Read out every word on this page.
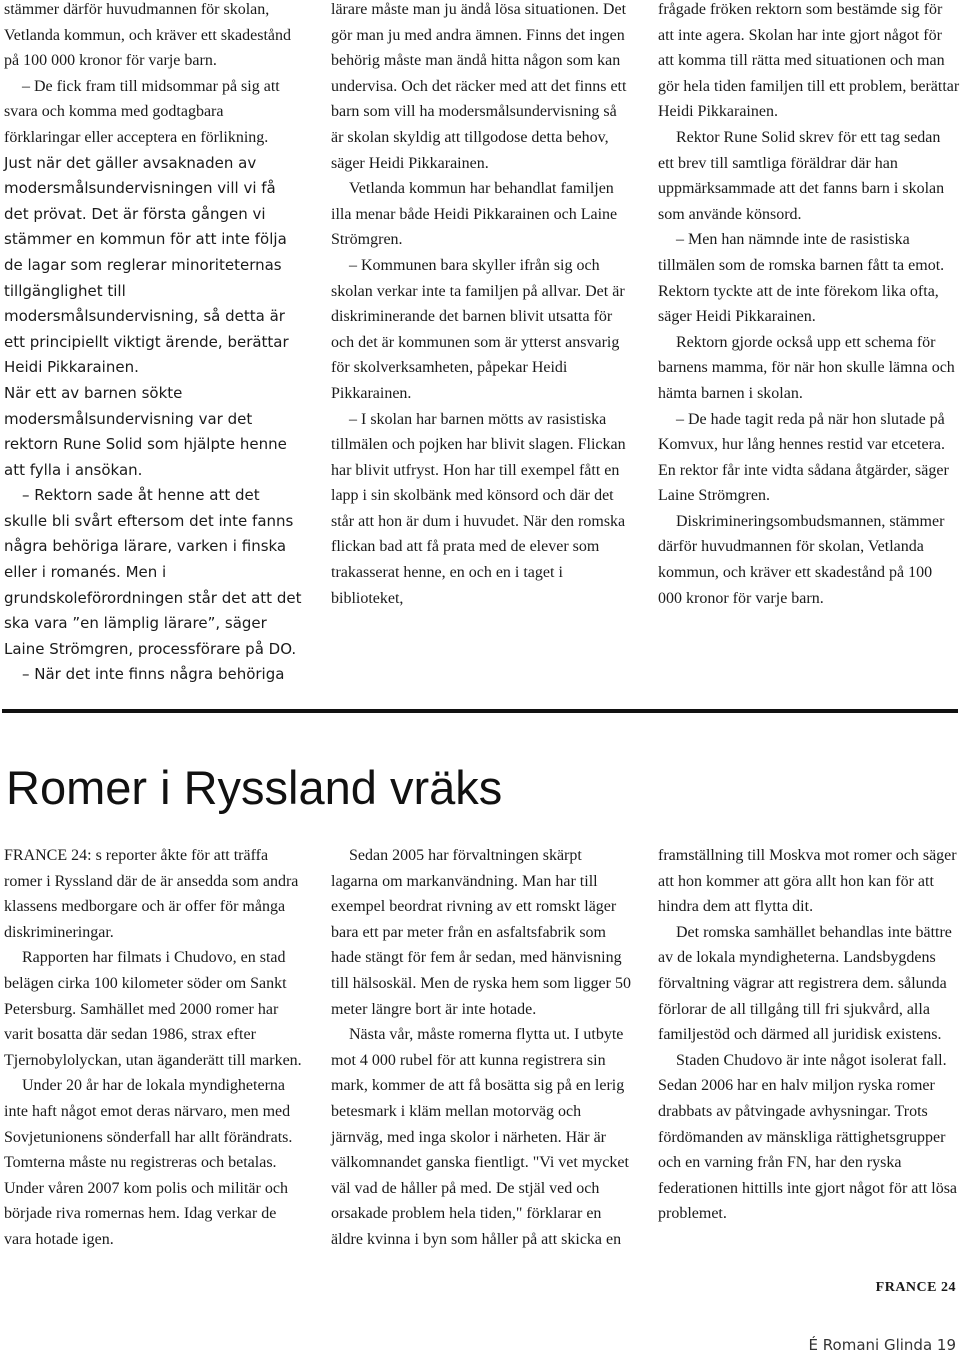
stämmer därför huvudmannen för skolan, Vetlanda kommun, och kräver ett skadestånd på 100 000 kronor för varje barn.

– De fick fram till midsommar på sig att svara och komma med godtagbara förklaringar eller acceptera en förlikning.

Just när det gäller avsaknaden av modersmålsundervisningen vill vi få det prövat. Det är första gången vi stämmer en kommun för att inte följa de lagar som reglerar minoriteternas tillgänglighet till modersmålsundervisning, så detta är ett principiellt viktigt ärende, berättar Heidi Pikkarainen.

När ett av barnen sökte modersmålsundervisning var det rektorn Rune Solid som hjälpte henne att fylla i ansökan.

– Rektorn sade åt henne att det skulle bli svårt eftersom det inte fanns några behöriga lärare, varken i finska eller i romanés. Men i grundskoleförordningen står det att det ska vara ”en lämplig lärare”, säger Laine Strömgren, processförare på DO.

– När det inte finns några behöriga

lärare måste man ju ändå lösa situationen. Det gör man ju med andra ämnen. Finns det ingen behörig måste man ändå hitta någon som kan undervisa. Och det räcker med att det finns ett barn som vill ha modersmålsundervisning så är skolan skyldig att tillgodose detta behov, säger Heidi Pikkarainen.

Vetlanda kommun har behandlat familjen illa menar både Heidi Pikkarainen och Laine Strömgren.

– Kommunen bara skyller ifrån sig och skolan verkar inte ta familjen på allvar. Det är diskriminerande det barnen blivit utsatta för och det är kommunen som är ytterst ansvarig för skolverksamheten, påpekar Heidi Pikkarainen.

– I skolan har barnen mötts av rasistiska tillmälen och pojken har blivit slagen. Flickan har blivit utfryst. Hon har till exempel fått en lapp i sin skolbänk med könsord och där det står att hon är dum i huvudet. När den romska flickan bad att få prata med de elever som trakasserat henne, en och en i taget i biblioteket,

frågade fröken rektorn som bestämde sig för att inte agera. Skolan har inte gjort något för att komma till rätta med situationen och man gör hela tiden familjen till ett problem, berättar Heidi Pikkarainen.

Rektor Rune Solid skrev för ett tag sedan ett brev till samtliga föräldrar där han uppmärksammade att det fanns barn i skolan som använde könsord.

– Men han nämnde inte de rasistiska tillmälen som de romska barnen fått ta emot. Rektorn tyckte att de inte förekom lika ofta, säger Heidi Pikkarainen.

Rektorn gjorde också upp ett schema för barnens mamma, för när hon skulle lämna och hämta barnen i skolan.

– De hade tagit reda på när hon slutade på Komvux, hur lång hennes restid var etcetera. En rektor får inte vidta sådana åtgärder, säger Laine Strömgren.

Diskrimineringsombudsmannen, stämmer därför huvudmannen för skolan, Vetlanda kommun, och kräver ett skadestånd på 100 000 kronor för varje barn.

Romer i Ryssland vräks

FRANCE 24: s reporter åkte för att träffa romer i Ryssland där de är ansedda som andra klassens medborgare och är offer för många diskrimineringar.

Rapporten har filmats i Chudovo, en stad belägen cirka 100 kilometer söder om Sankt Petersburg. Samhället med 2000 romer har varit bosatta där sedan 1986, strax efter Tjernobylolyckan, utan äganderätt till marken.

Under 20 år har de lokala myndigheterna inte haft något emot deras närvaro, men med Sovjetunionens sönderfall har allt förändrats. Tomterna måste nu registreras och betalas. Under våren 2007 kom polis och militär och började riva romernas hem. Idag verkar de vara hotade igen.

Sedan 2005 har förvaltningen skärpt lagarna om markanvändning. Man har till exempel beordrat rivning av ett romskt läger bara ett par meter från en asfaltsfabrik som hade stängt för fem år sedan, med hänvisning till hälsoskäl. Men de ryska hem som ligger 50 meter längre bort är inte hotade.

Nästa vår, måste romerna flytta ut. I utbyte mot 4 000 rubel för att kunna registrera sin mark, kommer de att få bosätta sig på en lerig betesmark i kläm mellan motorväg och järnväg, med inga skolor i närheten. Här är välkomnandet ganska fientligt. "Vi vet mycket väl vad de håller på med. De stjäl ved och orsakade problem hela tiden," förklarar en äldre kvinna i byn som håller på att skicka en

framställning till Moskva mot romer och säger att hon kommer att göra allt hon kan för att hindra dem att flytta dit.

Det romska samhället behandlas inte bättre av de lokala myndigheterna. Landsbygdens förvaltning vägrar att registrera dem. sålunda förlorar de all tillgång till fri sjukvård, alla familjestöd och därmed all juridisk existens.

Staden Chudovo är inte något isolerat fall. Sedan 2006 har en halv miljon ryska romer drabbats av påtvingade avhysningar. Trots fördömanden av mänskliga rättighetsgrupper och en varning från FN, har den ryska federationen hittills inte gjort något för att lösa problemet.

FRANCE 24
É Romani Glinda 19
